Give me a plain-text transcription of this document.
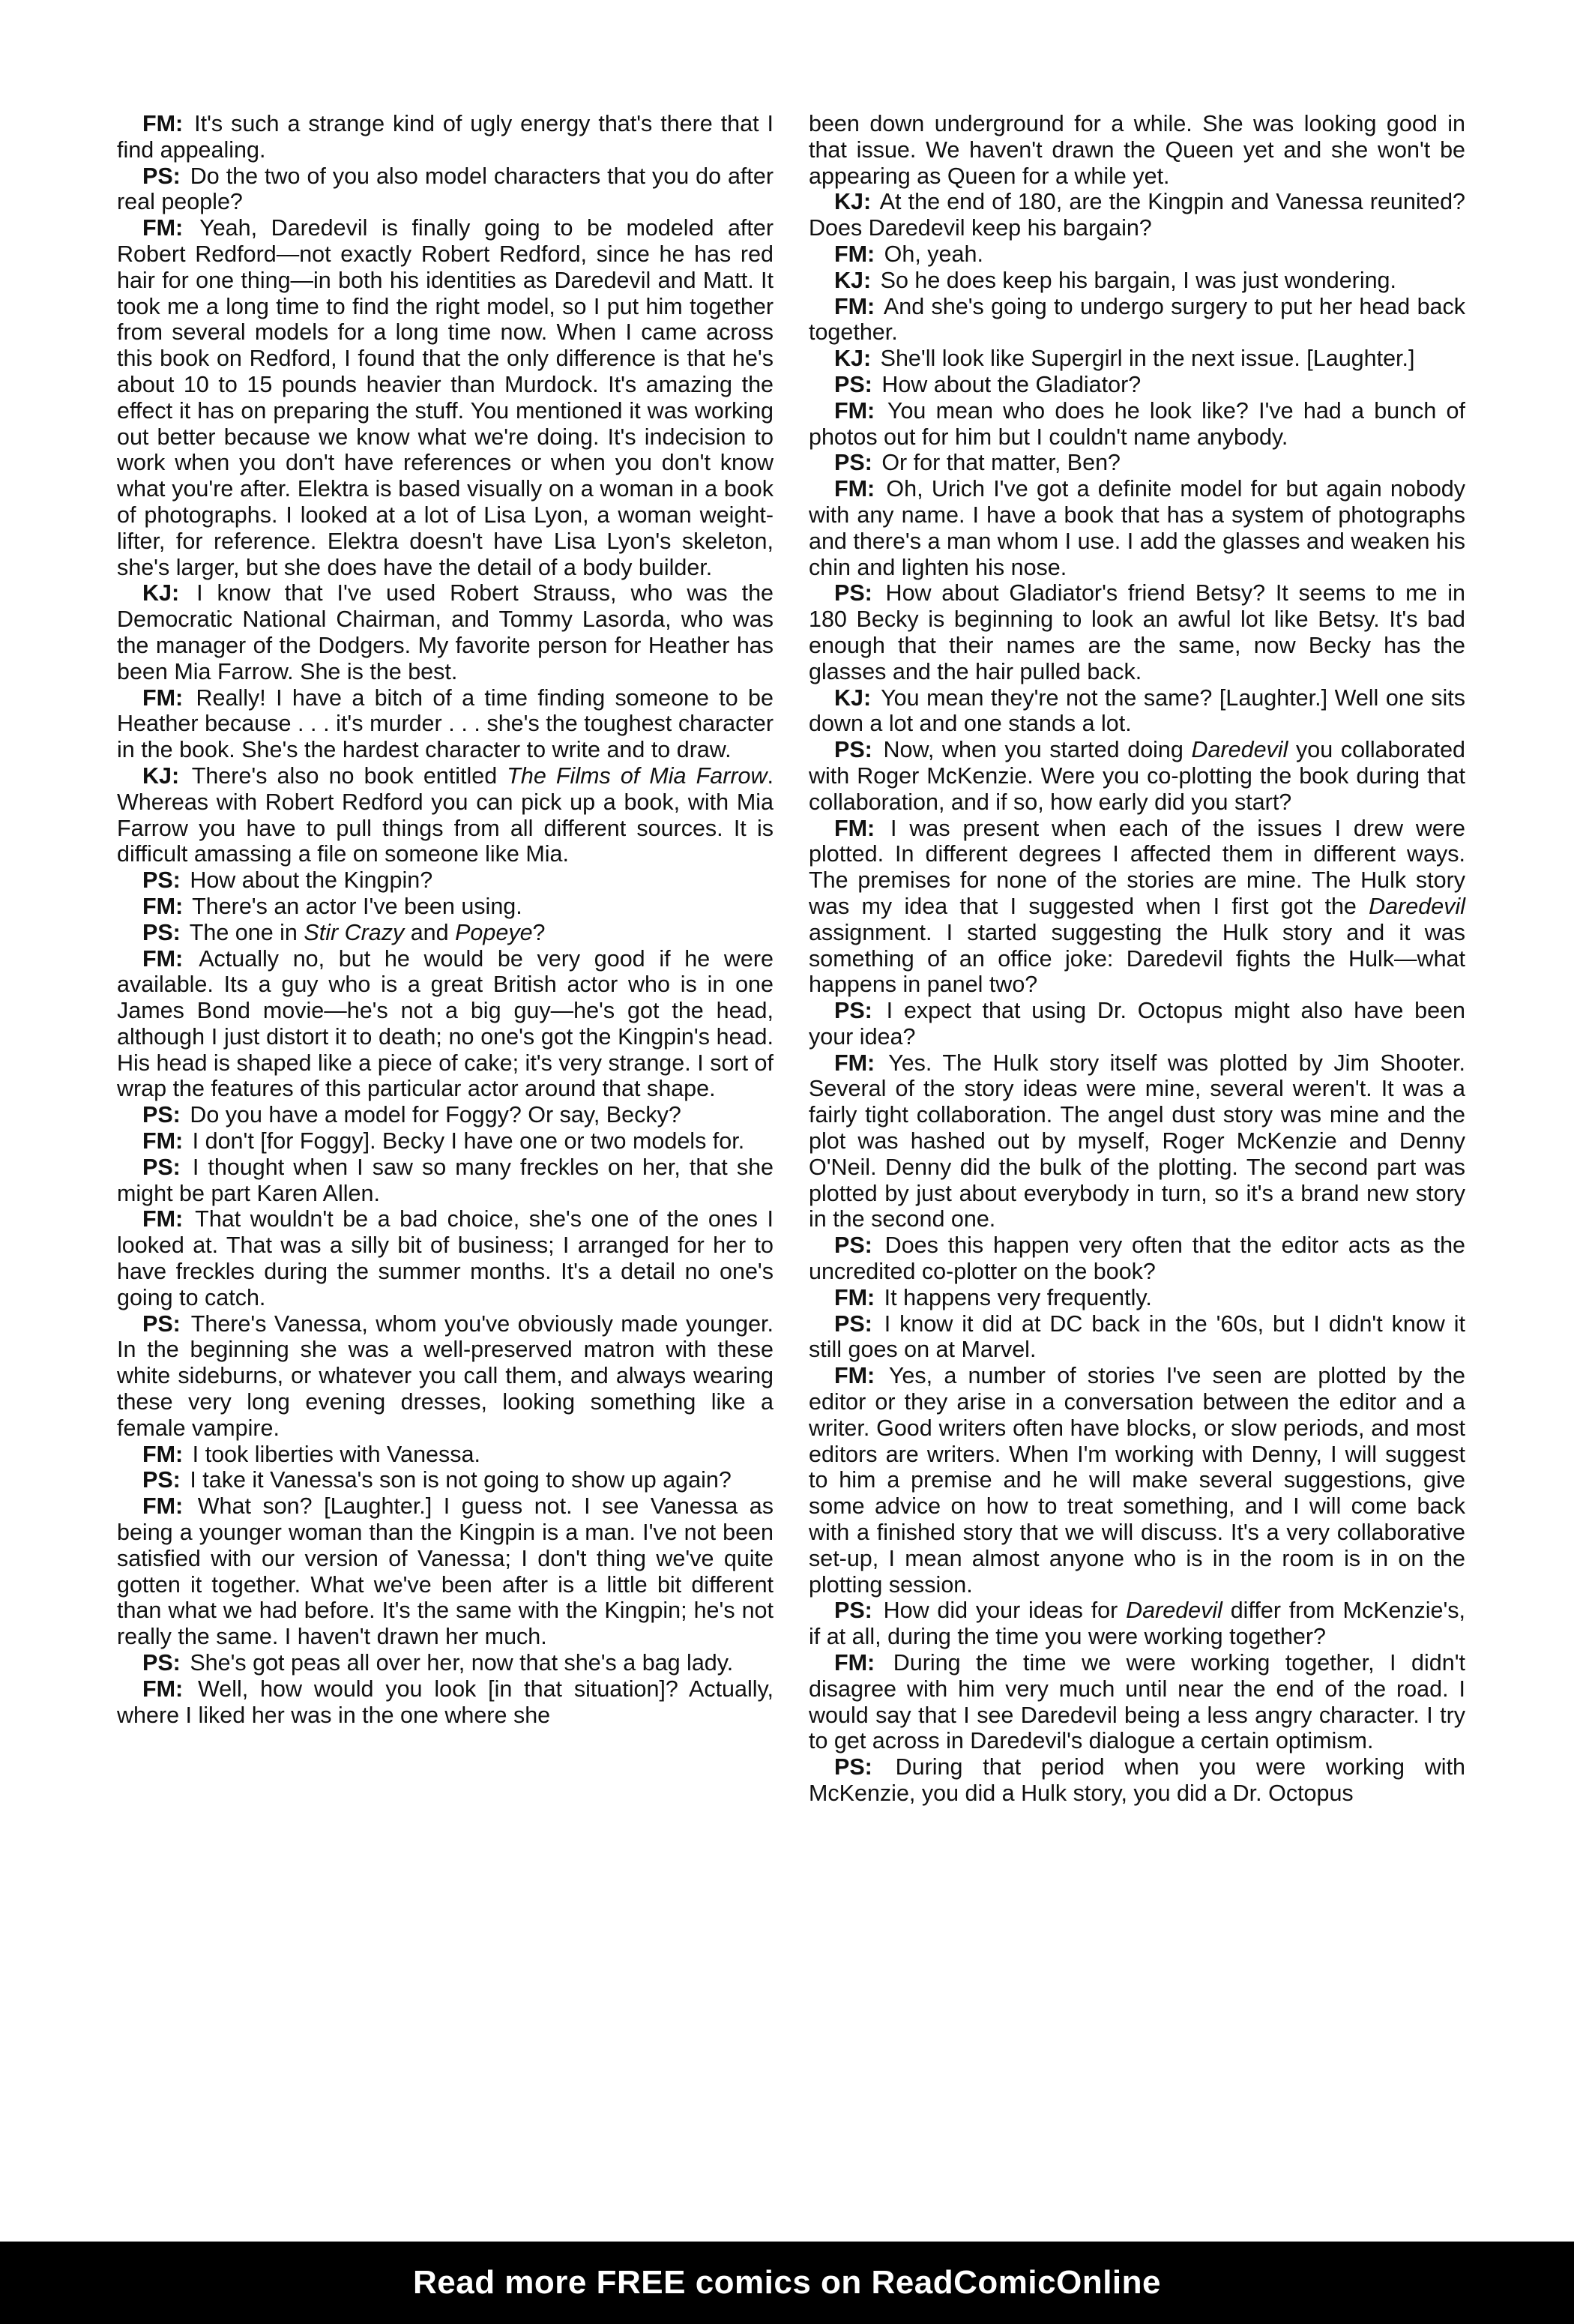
FM: It's such a strange kind of ugly energy that's there that I find appealing.

PS: Do the two of you also model characters that you do after real people?

FM: Yeah, Daredevil is finally going to be modeled after Robert Redford—not exactly Robert Redford, since he has red hair for one thing—in both his identities as Daredevil and Matt. It took me a long time to find the right model, so I put him together from several models for a long time now. When I came across this book on Redford, I found that the only difference is that he's about 10 to 15 pounds heavier than Murdock. It's amazing the effect it has on preparing the stuff. You mentioned it was working out better because we know what we're doing. It's indecision to work when you don't have references or when you don't know what you're after. Elektra is based visually on a woman in a book of photographs. I looked at a lot of Lisa Lyon, a woman weight-lifter, for reference. Elektra doesn't have Lisa Lyon's skeleton, she's larger, but she does have the detail of a body builder.

KJ: I know that I've used Robert Strauss, who was the Democratic National Chairman, and Tommy Lasorda, who was the manager of the Dodgers. My favorite person for Heather has been Mia Farrow. She is the best.

FM: Really! I have a bitch of a time finding someone to be Heather because . . . it's murder . . . she's the toughest character in the book. She's the hardest character to write and to draw.

KJ: There's also no book entitled The Films of Mia Farrow. Whereas with Robert Redford you can pick up a book, with Mia Farrow you have to pull things from all different sources. It is difficult amassing a file on someone like Mia.

PS: How about the Kingpin?

FM: There's an actor I've been using.

PS: The one in Stir Crazy and Popeye?

FM: Actually no, but he would be very good if he were available. Its a guy who is a great British actor who is in one James Bond movie—he's not a big guy—he's got the head, although I just distort it to death; no one's got the Kingpin's head. His head is shaped like a piece of cake; it's very strange. I sort of wrap the features of this particular actor around that shape.

PS: Do you have a model for Foggy? Or say, Becky?

FM: I don't [for Foggy]. Becky I have one or two models for.

PS: I thought when I saw so many freckles on her, that she might be part Karen Allen.

FM: That wouldn't be a bad choice, she's one of the ones I looked at. That was a silly bit of business; I arranged for her to have freckles during the summer months. It's a detail no one's going to catch.

PS: There's Vanessa, whom you've obviously made younger. In the beginning she was a well-preserved matron with these white sideburns, or whatever you call them, and always wearing these very long evening dresses, looking something like a female vampire.

FM: I took liberties with Vanessa.

PS: I take it Vanessa's son is not going to show up again?

FM: What son? [Laughter.] I guess not. I see Vanessa as being a younger woman than the Kingpin is a man. I've not been satisfied with our version of Vanessa; I don't thing we've quite gotten it together. What we've been after is a little bit different than what we had before. It's the same with the Kingpin; he's not really the same. I haven't drawn her much.

PS: She's got peas all over her, now that she's a bag lady.

FM: Well, how would you look [in that situation]? Actually, where I liked her was in the one where she

been down underground for a while. She was looking good in that issue. We haven't drawn the Queen yet and she won't be appearing as Queen for a while yet.

KJ: At the end of 180, are the Kingpin and Vanessa reunited? Does Daredevil keep his bargain?

FM: Oh, yeah.

KJ: So he does keep his bargain, I was just wondering.

FM: And she's going to undergo surgery to put her head back together.

KJ: She'll look like Supergirl in the next issue. [Laughter.]

PS: How about the Gladiator?

FM: You mean who does he look like? I've had a bunch of photos out for him but I couldn't name anybody.

PS: Or for that matter, Ben?

FM: Oh, Urich I've got a definite model for but again nobody with any name. I have a book that has a system of photographs and there's a man whom I use. I add the glasses and weaken his chin and lighten his nose.

PS: How about Gladiator's friend Betsy? It seems to me in 180 Becky is beginning to look an awful lot like Betsy. It's bad enough that their names are the same, now Becky has the glasses and the hair pulled back.

KJ: You mean they're not the same? [Laughter.] Well one sits down a lot and one stands a lot.

PS: Now, when you started doing Daredevil you collaborated with Roger McKenzie. Were you co-plotting the book during that collaboration, and if so, how early did you start?

FM: I was present when each of the issues I drew were plotted. In different degrees I affected them in different ways. The premises for none of the stories are mine. The Hulk story was my idea that I suggested when I first got the Daredevil assignment. I started suggesting the Hulk story and it was something of an office joke: Daredevil fights the Hulk—what happens in panel two?

PS: I expect that using Dr. Octopus might also have been your idea?

FM: Yes. The Hulk story itself was plotted by Jim Shooter. Several of the story ideas were mine, several weren't. It was a fairly tight collaboration. The angel dust story was mine and the plot was hashed out by myself, Roger McKenzie and Denny O'Neil. Denny did the bulk of the plotting. The second part was plotted by just about everybody in turn, so it's a brand new story in the second one.

PS: Does this happen very often that the editor acts as the uncredited co-plotter on the book?

FM: It happens very frequently.

PS: I know it did at DC back in the '60s, but I didn't know it still goes on at Marvel.

FM: Yes, a number of stories I've seen are plotted by the editor or they arise in a conversation between the editor and a writer. Good writers often have blocks, or slow periods, and most editors are writers. When I'm working with Denny, I will suggest to him a premise and he will make several suggestions, give some advice on how to treat something, and I will come back with a finished story that we will discuss. It's a very collaborative set-up, I mean almost anyone who is in the room is in on the plotting session.

PS: How did your ideas for Daredevil differ from McKenzie's, if at all, during the time you were working together?

FM: During the time we were working together, I didn't disagree with him very much until near the end of the road. I would say that I see Daredevil being a less angry character. I try to get across in Daredevil's dialogue a certain optimism.

PS: During that period when you were working with McKenzie, you did a Hulk story, you did a Dr. Octopus

Read more FREE comics on ReadComicOnline
